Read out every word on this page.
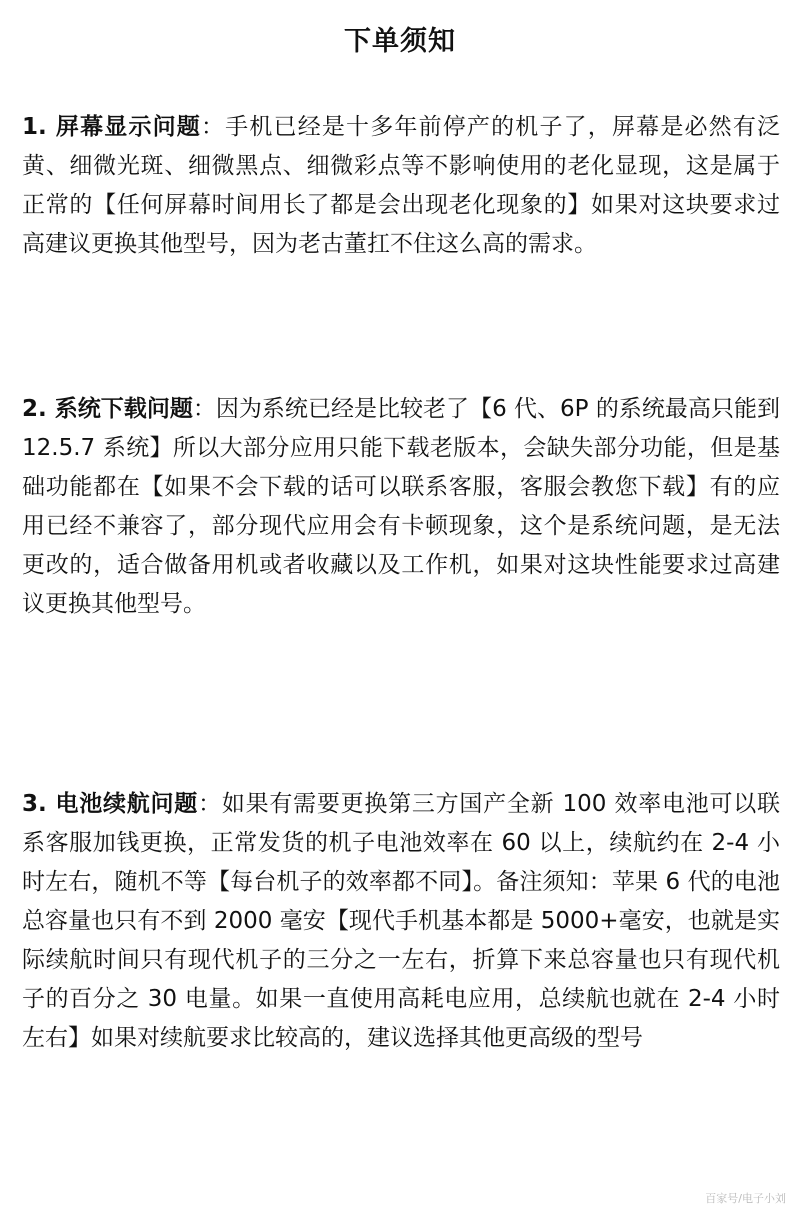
下单须知

1. 屏幕显示问题：手机已经是十多年前停产的机子了，屏幕是必然有泛黄、细微光斑、细微黑点、细微彩点等不影响使用的老化显现，这是属于正常的【任何屏幕时间用长了都是会出现老化现象的】如果对这块要求过高建议更换其他型号，因为老古董扛不住这么高的需求。

2. 系统下载问题：因为系统已经是比较老了【6 代、6P 的系统最高只能到 12.5.7 系统】所以大部分应用只能下载老版本，会缺失部分功能，但是基础功能都在【如果不会下载的话可以联系客服，客服会教您下载】有的应用已经不兼容了，部分现代应用会有卡顿现象，这个是系统问题，是无法更改的，适合做备用机或者收藏以及工作机，如果对这块性能要求过高建议更换其他型号。

3. 电池续航问题：如果有需要更换第三方国产全新 100 效率电池可以联系客服加钱更换，正常发货的机子电池效率在 60 以上，续航约在 2-4 小时左右，随机不等【每台机子的效率都不同】。备注须知：苹果 6 代的电池总容量也只有不到 2000 毫安【现代手机基本都是 5000+毫安，也就是实际续航时间只有现代机子的三分之一左右，折算下来总容量也只有现代机子的百分之 30 电量。如果一直使用高耗电应用，总续航也就在 2-4 小时左右】如果对续航要求比较高的，建议选择其他更高级的型号

百家号/电子小刘
